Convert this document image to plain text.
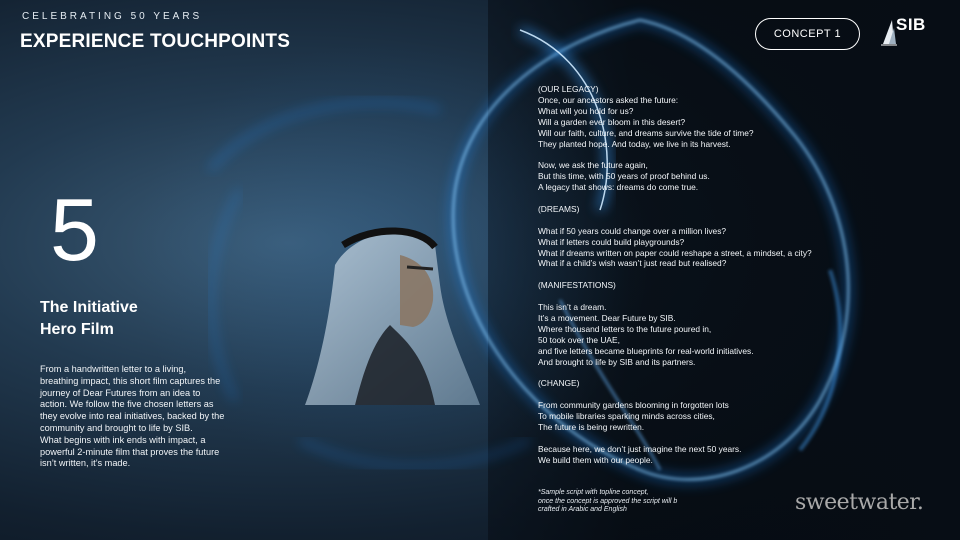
CELEBRATING 50 YEARS
EXPERIENCE TOUCHPOINTS	CONCEPT 1	SIB
5
The Initiative
Hero Film
From a handwritten letter to a living,
breathing impact, this short film captures the
journey of Dear Futures from an idea to
action. We follow the five chosen letters as
they evolve into real initiatives, backed by the
community and brought to life by SIB.
What begins with ink ends with impact, a
powerful 2-minute film that proves the future
isn’t written, it’s made.
(OUR LEGACY)
Once, our ancestors asked the future:
What will you hold for us?
Will a garden ever bloom in this desert?
Will our faith, culture, and dreams survive the tide of time?
They planted hope. And today, we live in its harvest.
Now, we ask the future again,
But this time, with 50 years of proof behind us.
A legacy that shows: dreams do come true.
(DREAMS)
What if 50 years could change over a million lives?
What if letters could build playgrounds?
What if dreams written on paper could reshape a street, a mindset, a city?
What if a child’s wish wasn’t just read but realised?
(MANIFESTATIONS)
This isn’t a dream.
It’s a movement. Dear Future by SIB.
Where thousand letters to the future poured in,
50 took over the UAE,
and five letters became blueprints for real-world initiatives.
And brought to life by SIB and its partners.
(CHANGE)
From community gardens blooming in forgotten lots
To mobile libraries sparking minds across cities,
The future is being rewritten.
Because here, we don’t just imagine the next 50 years.
We build them with our people.
*Sample script with topline concept,
once the concept is approved the script will b
crafted in Arabic and English	sweetwater.
